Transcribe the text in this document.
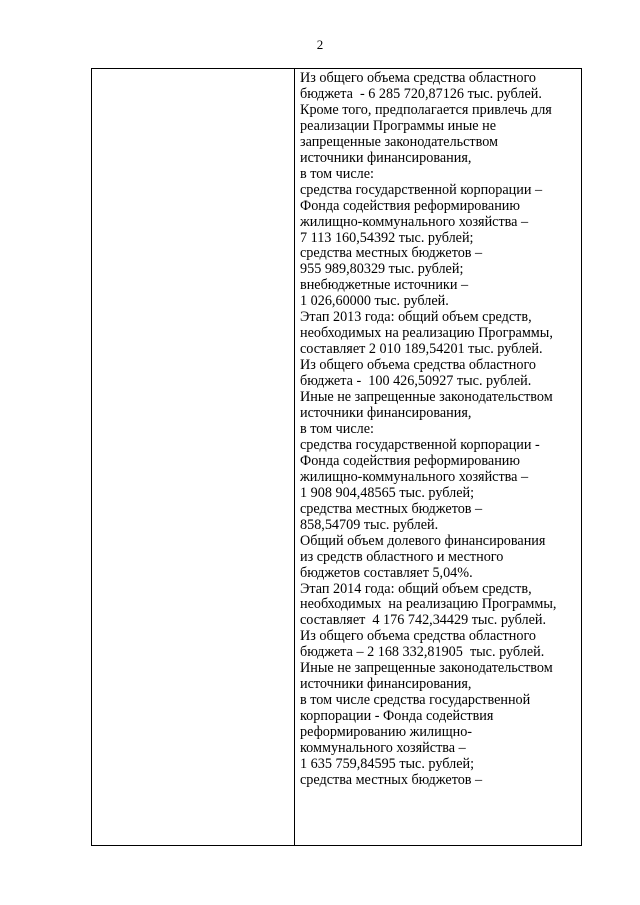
2
Из общего объема средства областного
бюджета  - 6 285 720,87126 тыс. рублей.
Кроме того, предполагается привлечь для
реализации Программы иные не
запрещенные законодательством
источники финансирования,
в том числе:
средства государственной корпорации –
Фонда содействия реформированию
жилищно-коммунального хозяйства –
7 113 160,54392 тыс. рублей;
средства местных бюджетов –
955 989,80329 тыс. рублей;
внебюджетные источники –
1 026,60000 тыс. рублей.
Этап 2013 года: общий объем средств,
необходимых на реализацию Программы,
составляет 2 010 189,54201 тыс. рублей.
Из общего объема средства областного
бюджета -  100 426,50927 тыс. рублей.
Иные не запрещенные законодательством
источники финансирования,
в том числе:
средства государственной корпорации -
Фонда содействия реформированию
жилищно-коммунального хозяйства –
1 908 904,48565 тыс. рублей;
средства местных бюджетов –
858,54709 тыс. рублей.
Общий объем долевого финансирования
из средств областного и местного
бюджетов составляет 5,04%.
Этап 2014 года: общий объем средств,
необходимых  на реализацию Программы,
составляет  4 176 742,34429 тыс. рублей.
Из общего объема средства областного
бюджета – 2 168 332,81905  тыс. рублей.
Иные не запрещенные законодательством
источники финансирования,
в том числе средства государственной
корпорации - Фонда содействия
реформированию жилищно-
коммунального хозяйства –
1 635 759,84595 тыс. рублей;
средства местных бюджетов –
